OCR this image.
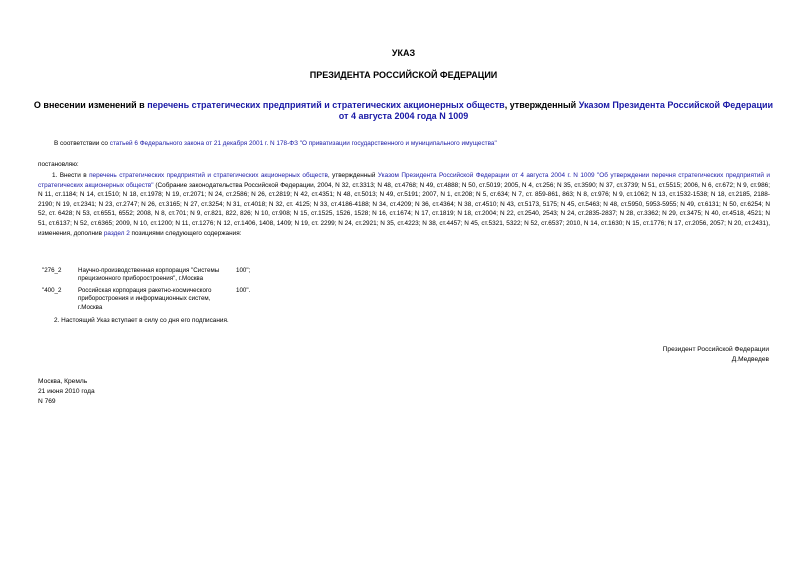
УКАЗ
ПРЕЗИДЕНТА РОССИЙСКОЙ ФЕДЕРАЦИИ
О внесении изменений в перечень стратегических предприятий и стратегических акционерных обществ, утвержденный Указом Президента Российской Федерации от 4 августа 2004 года N 1009
В соответствии со статьей 6 Федерального закона от 21 декабря 2001 г. N 178-ФЗ "О приватизации государственного и муниципального имущества"
постановляю:
1. Внести в перечень стратегических предприятий и стратегических акционерных обществ, утвержденный Указом Президента Российской Федерации от 4 августа 2004 г. N 1009 "Об утверждении перечня стратегических предприятий и стратегических акционерных обществ" (Собрание законодательства Российской Федерации, 2004, N 32, ст.3313; N 48, ст.4768; N 49, ст.4888; N 50, ст.5019; 2005, N 4, ст.256; N 35, ст.3590; N 37, ст.3739; N 51, ст.5515; 2006, N 6, ст.672; N 9, ст.986; N 11, ст.1184; N 14, ст.1510; N 18, ст.1978; N 19, ст.2071; N 24, ст.2586; N 26, ст.2819; N 42, ст.4351; N 48, ст.5013; N 49, ст.5191; 2007, N 1, ст.208; N 5, ст.634; N 7, ст. 859-861, 863; N 8, ст.976; N 9, ст.1062; N 13, ст.1532-1538; N 18, ст.2185, 2188-2190; N 19, ст.2341; N 23, ст.2747; N 26, ст.3165; N 27, ст.3254; N 31, ст.4018; N 32, ст. 4125; N 33, ст.4186-4188; N 34, ст.4209; N 36, ст.4364; N 38, ст.4510; N 43, ст.5173, 5175; N 45, ст.5463; N 48, ст.5950, 5953-5955; N 49, ст.6131; N 50, ст.6254; N 52, ст. 6428; N 53, ст.6551, 6552; 2008, N 8, ст.701; N 9, ст.821, 822, 826; N 10, ст.908; N 15, ст.1525, 1526, 1528; N 16, ст.1674; N 17, ст.1819; N 18, ст.2004; N 22, ст.2540, 2543; N 24, ст.2835-2837; N 28, ст.3362; N 29, ст.3475; N 40, ст.4518, 4521; N 51, ст.6137; N 52, ст.6365; 2009, N 10, ст.1200; N 11, ст.1276; N 12, ст.1406, 1408, 1409; N 19, ст. 2299; N 24, ст.2921; N 35, ст.4223; N 38, ст.4457; N 45, ст.5321, 5322; N 52, ст.6537; 2010, N 14, ст.1630; N 15, ст.1776; N 17, ст.2056, 2057; N 20, ст.2431), изменения, дополнив раздел 2 позициями следующего содержания:
"276_2	Научно-производственная корпорация "Системы прецизионного приборостроения", г.Москва
100";
"400_2	Российская корпорация ракетно-космического приборостроения и информационных систем, г.Москва
100".
2. Настоящий Указ вступает в силу со дня его подписания.
Президент Российской Федерации
Д.Медведев
Москва, Кремль
21 июня 2010 года
N 769
